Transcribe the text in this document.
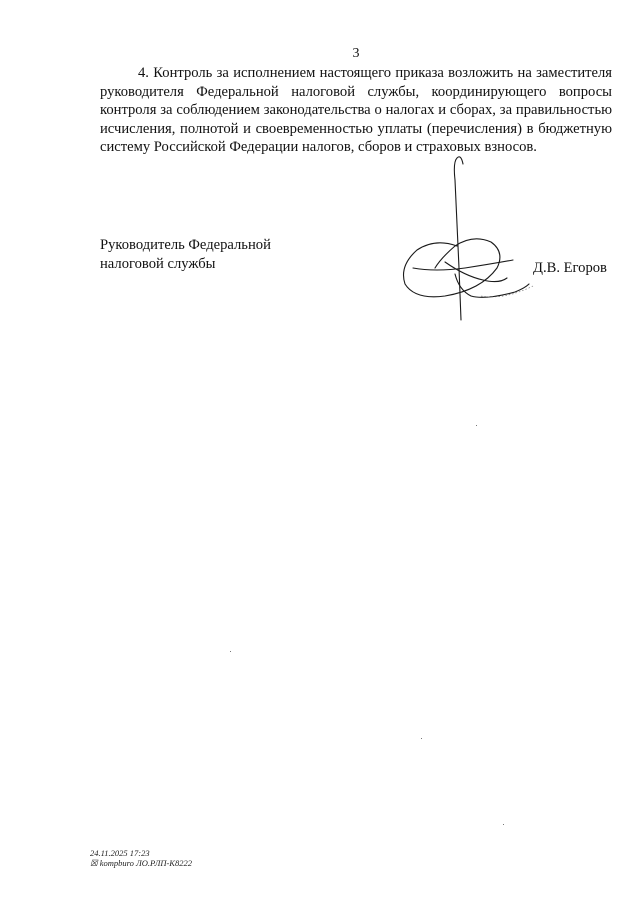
3

4. Контроль за исполнением настоящего приказа возложить на заместителя руководителя Федеральной налоговой службы, координирующего вопросы контроля за соблюдением законодательства о налогах и сборах, за правильностью исчисления, полнотой и своевременностью уплаты (перечисления) в бюджетную систему Российской Федерации налогов, сборов и страховых взносов.

Руководитель Федеральной
налоговой службы	Д.В. Егоров
24.11.2025 17:23
☒ kompburo ЛО.РЛП-К8222
